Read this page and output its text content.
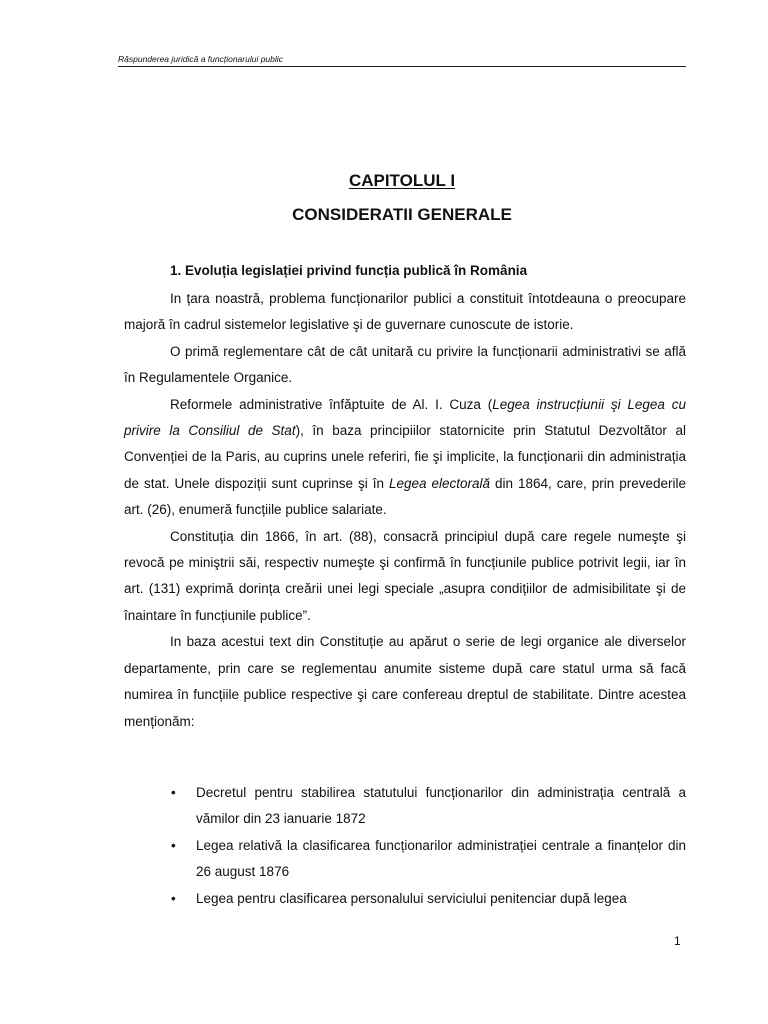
Răspunderea juridică a funcționarului public
CAPITOLUL I
CONSIDERATII GENERALE
1. Evoluția legislației privind funcția publică în România

In țara noastră, problema funcționarilor publici a constituit întotdeauna o preocupare majoră în cadrul sistemelor legislative şi de guvernare cunoscute de istorie.

O primă reglementare cât de cât unitară cu privire la funcționarii administrativi se află în Regulamentele Organice.

Reformele administrative înfăptuite de Al. I. Cuza (Legea instrucțiunii şi Legea cu privire la Consiliul de Stat), în baza principiilor statornicite prin Statutul Dezvoltător al Convenției de la Paris, au cuprins unele referiri, fie şi implicite, la funcționarii din administrația de stat. Unele dispoziții sunt cuprinse şi în Legea electorală din 1864, care, prin prevederile art. (26), enumeră funcțiile publice salariate.

Constituția din 1866, în art. (88), consacră principiul după care regele numeşte şi revocă pe miniştrii săi, respectiv numeşte şi confirmă în funcțiunile publice potrivit legii, iar în art. (131) exprimă dorința creării unei legi speciale „asupra condițiilor de admisibilitate şi de înaintare în funcțiunile publice”.

In baza acestui text din Constituție au apărut o serie de legi organice ale diverselor departamente, prin care se reglementau anumite sisteme după care statul urma să facă numirea în funcțiile publice respective şi care confereau dreptul de stabilitate. Dintre acestea menționăm:

• Decretul pentru stabilirea statutului funcționarilor din administrația centrală a vămilor din 23 ianuarie 1872
• Legea relativă la clasificarea funcționarilor administrației centrale a finanțelor din 26 august 1876
• Legea pentru clasificarea personalului serviciului penitenciar după legea
1
